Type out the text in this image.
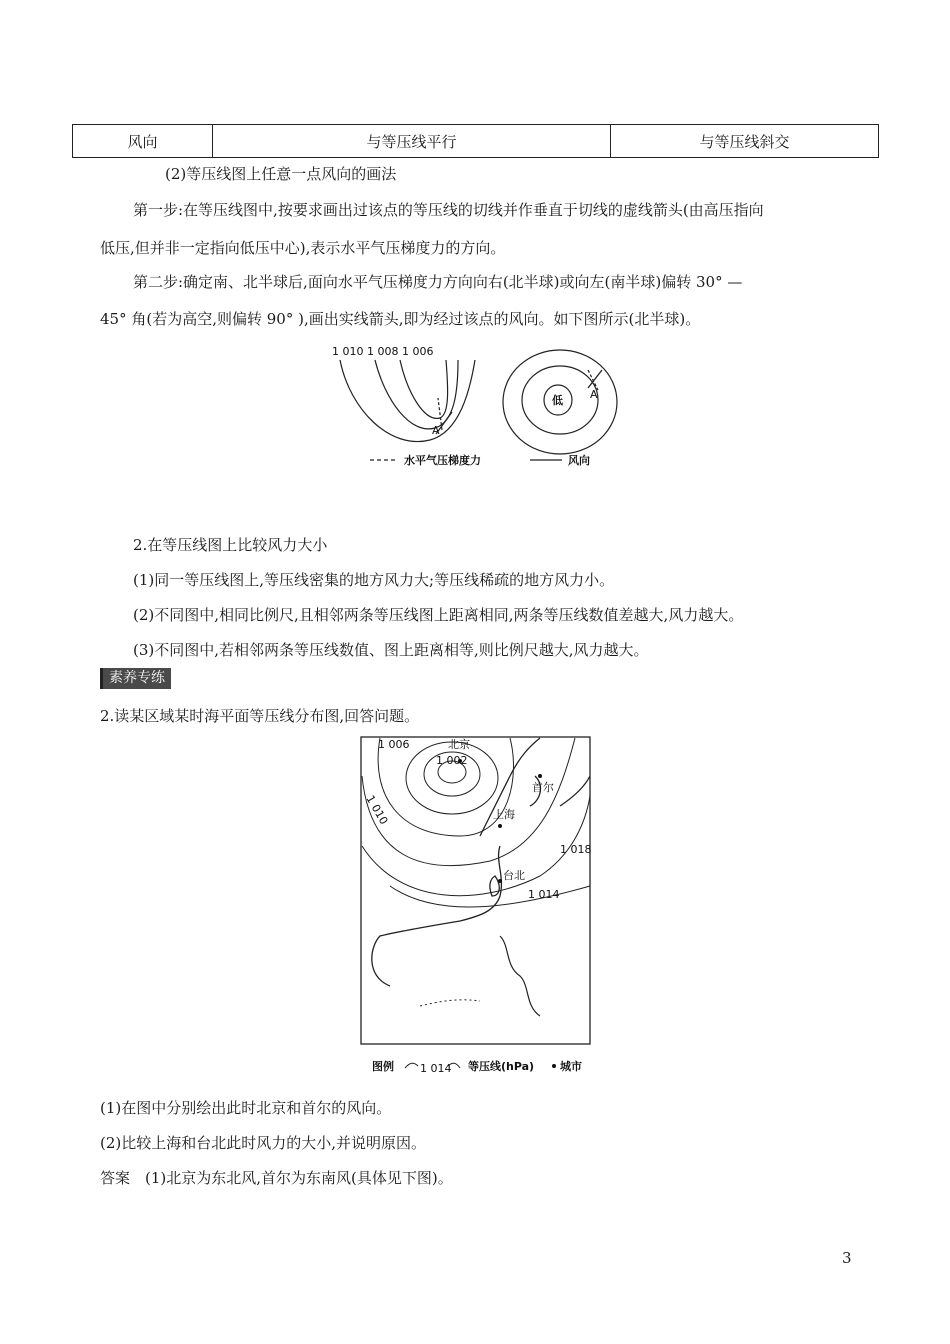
风向	与等压线平行	与等压线斜交
(2)等压线图上任意一点风向的画法
第一步:在等压线图中,按要求画出过该点的等压线的切线并作垂直于切线的虚线箭头(由高压指向
低压,但并非一定指向低压中心),表示水平气压梯度力的方向。
第二步:确定南、北半球后,面向水平气压梯度力方向向右(北半球)或向左(南半球)偏转 30° —
45° 角(若为高空,则偏转 90° ),画出实线箭头,即为经过该点的风向。如下图所示(北半球)。
1 010 1 008 1 006
A
低 A
水平气压梯度力	风向
2.在等压线图上比较风力大小
(1)同一等压线图上,等压线密集的地方风力大;等压线稀疏的地方风力小。
(2)不同图中,相同比例尺,且相邻两条等压线图上距离相同,两条等压线数值差越大,风力越大。
(3)不同图中,若相邻两条等压线数值、图上距离相等,则比例尺越大,风力越大。
素养专练
2.读某区域某时海平面等压线分布图,回答问题。
1 006	北京
1 002
1 010
首尔
上海
1 018
台北
1 014
图例 1 014 等压线(hPa) 城市
(1)在图中分别绘出此时北京和首尔的风向。
(2)比较上海和台北此时风力的大小,并说明原因。
答案　(1)北京为东北风,首尔为东南风(具体见下图)。
3
